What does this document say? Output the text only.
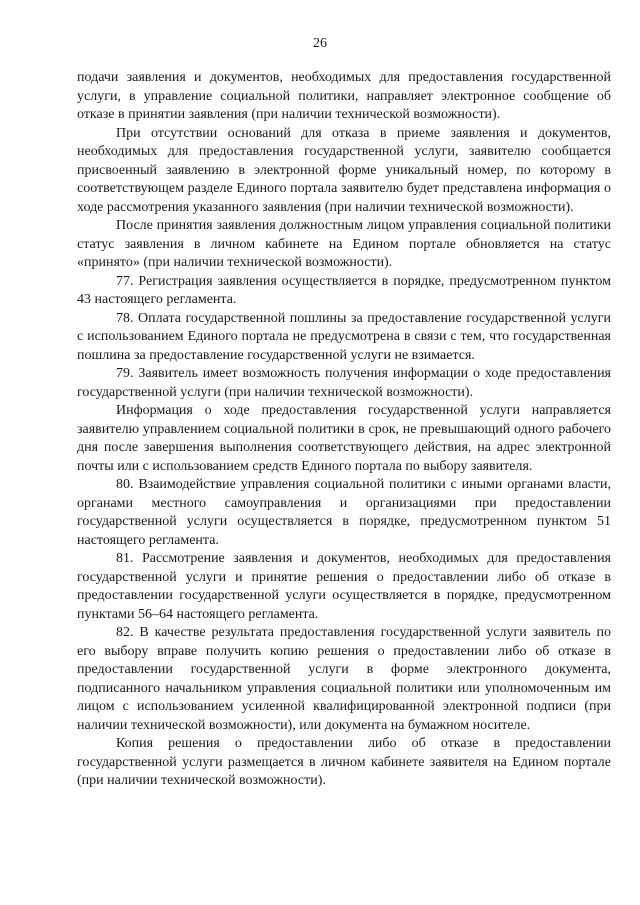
26

подачи заявления и документов, необходимых для предоставления государственной услуги, в управление социальной политики, направляет электронное сообщение об отказе в принятии заявления (при наличии технической возможности).

При отсутствии оснований для отказа в приеме заявления и документов, необходимых для предоставления государственной услуги, заявителю сообщается присвоенный заявлению в электронной форме уникальный номер, по которому в соответствующем разделе Единого портала заявителю будет представлена информация о ходе рассмотрения указанного заявления (при наличии технической возможности).

После принятия заявления должностным лицом управления социальной политики статус заявления в личном кабинете на Едином портале обновляется на статус «принято» (при наличии технической возможности).

77. Регистрация заявления осуществляется в порядке, предусмотренном пунктом 43 настоящего регламента.

78. Оплата государственной пошлины за предоставление государственной услуги с использованием Единого портала не предусмотрена в связи с тем, что государственная пошлина за предоставление государственной услуги не взимается.

79. Заявитель имеет возможность получения информации о ходе предоставления государственной услуги (при наличии технической возможности).

Информация о ходе предоставления государственной услуги направляется заявителю управлением социальной политики в срок, не превышающий одного рабочего дня после завершения выполнения соответствующего действия, на адрес электронной почты или с использованием средств Единого портала по выбору заявителя.

80. Взаимодействие управления социальной политики с иными органами власти, органами местного самоуправления и организациями при предоставлении государственной услуги осуществляется в порядке, предусмотренном пунктом 51 настоящего регламента.

81. Рассмотрение заявления и документов, необходимых для предоставления государственной услуги и принятие решения о предоставлении либо об отказе в предоставлении государственной услуги осуществляется в порядке, предусмотренном пунктами 56–64 настоящего регламента.

82. В качестве результата предоставления государственной услуги заявитель по его выбору вправе получить копию решения о предоставлении либо об отказе в предоставлении государственной услуги в форме электронного документа, подписанного начальником управления социальной политики или уполномоченным им лицом с использованием усиленной квалифицированной электронной подписи (при наличии технической возможности), или документа на бумажном носителе.

Копия решения о предоставлении либо об отказе в предоставлении государственной услуги размещается в личном кабинете заявителя на Едином портале (при наличии технической возможности).
